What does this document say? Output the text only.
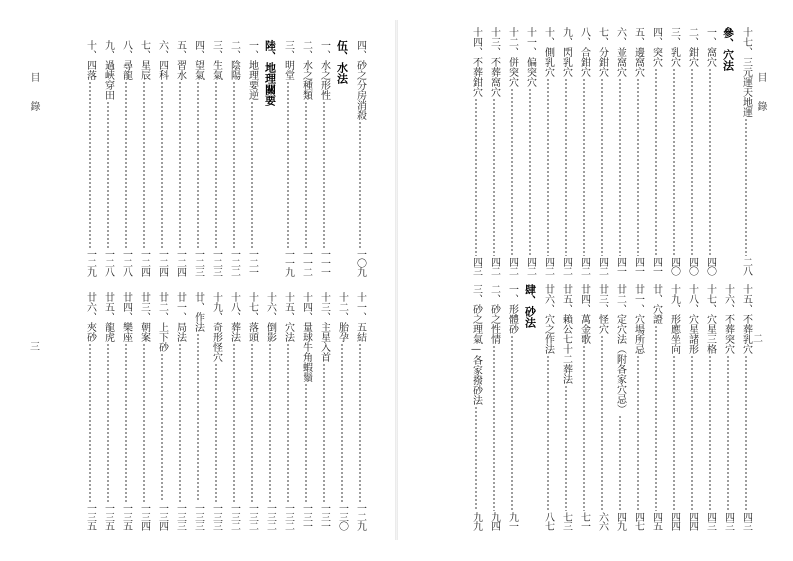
目 錄	四、砂之分房消殺
一〇九
伍、水法
一、水之形性
一一一
二、水之種類
一一二
三、明堂
一一九
陸、地理關要
一、地理要逆
一二一
二、陰陽
一二二
三、生氣
一二三
四、望氣
一二三
五、習水
一二四
六、四科
一二四
七、星辰
一二四
八、尋龍
一二八
九、過峽穿田
一二八
十、四落
一二九
十一、五結
一二九
十二、胎孕
一三〇
十三、主星入首
一三一
十四、量球牛角蝦鬚
一三一
十五、穴法
一三二
十六、倒影
一三二
十七、落頭
一三二
十八、葬法
一三二
十九、奇形怪穴
一三三
廿、作法
一三三
廿一、局法
一三三
廿二、上下砂
一三四
廿三、朝案
一三四
廿四、樂座
一三五
廿五、龍虎
一三五
廿六、夾砂
一三五
三
十七、三元運天地運
二八
參、穴法
一、窩穴
四〇
二、鉗穴
四〇
三、乳穴
四〇
四、突穴
四一
五、邊窩穴
四一
六、並窩穴
四一
七、分鉗穴
四二
八、合鉗穴
四二
九、閃乳穴
四二
十、側乳穴
四二
十一、偏突穴
四二
十二、併突穴
四二
十三、不葬窩穴
四二
十四、不葬鉗穴
四三
十五、不葬乳穴
四三
十六、不葬突穴
四三
十七、穴星三格
四三
十八、穴星諸形
四四
十九、形應坐向
四四
廿、穴證
四五
廿一、穴場所忌
四七
廿二、定穴法（附各家穴忌）
四九
廿三、怪穴
六六
廿四、萬金歌
七一
廿五、賴公七十二葬法
七三
廿六、穴之作法
八七
肆、砂法
一、形體砂
九一
二、砂之性情
九四
三、砂之理氣—各家撥砂法
九九
目 錄
二
